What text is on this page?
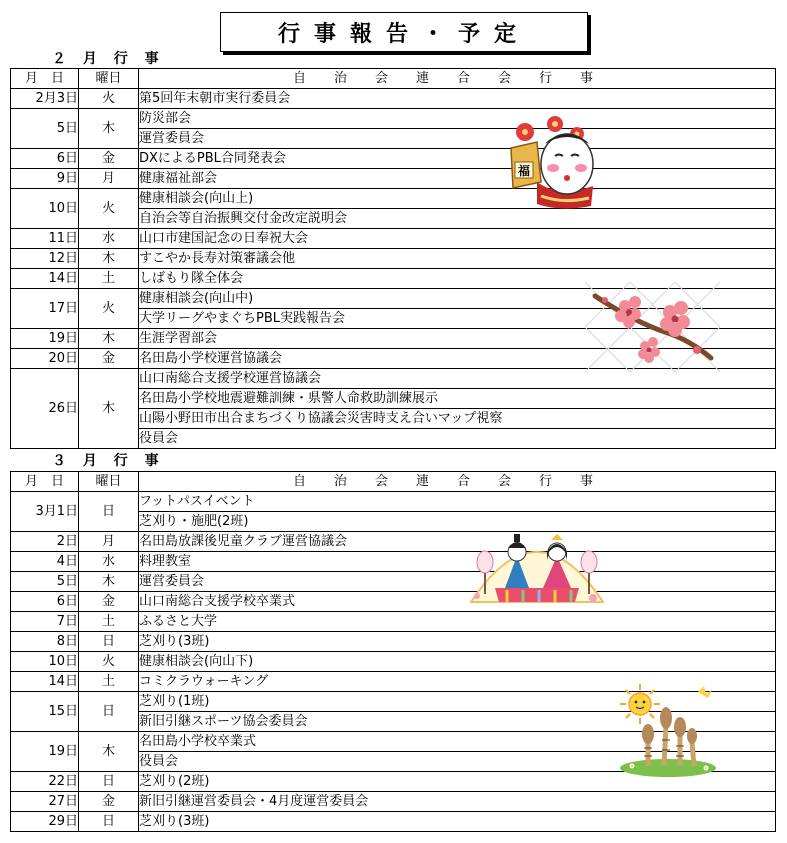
行事報告・予定
２ 月 行 事
月　日	曜日	自治会連合会行事
2月3日	火	第5回年末朝市実行委員会
5日	木	防災部会
		運営委員会
6日	金	DXによるPBL合同発表会
9日	月	健康福祉部会
10日	火	健康相談会(向山上)
		自治会等自治振興交付金改定説明会
11日	水	山口市建国記念の日奉祝大会
12日	木	すこやか長寿対策審議会他
14日	土	しばもり隊全体会
17日	火	健康相談会(向山中)
		大学リーグやまぐちPBL実践報告会
19日	木	生涯学習部会
20日	金	名田島小学校運営協議会
26日	木	山口南総合支援学校運営協議会
		名田島小学校地震避難訓練・県警人命救助訓練展示
		山陽小野田市出合まちづくり協議会災害時支え合いマップ視察
		役員会
３ 月 行 事
月　日	曜日	自治会連合会行事
3月1日	日	フットパスイベント
		芝刈り・施肥(2班)
2日	月	名田島放課後児童クラブ運営協議会
4日	水	料理教室
5日	木	運営委員会
6日	金	山口南総合支援学校卒業式
7日	土	ふるさと大学
8日	日	芝刈り(3班)
10日	火	健康相談会(向山下)
14日	土	コミクラウォーキング
15日	日	芝刈り(1班)
		新旧引継スポーツ協会委員会
19日	木	名田島小学校卒業式
		役員会
22日	日	芝刈り(2班)
27日	金	新旧引継運営委員会・4月度運営委員会
29日	日	芝刈り(3班)
福
